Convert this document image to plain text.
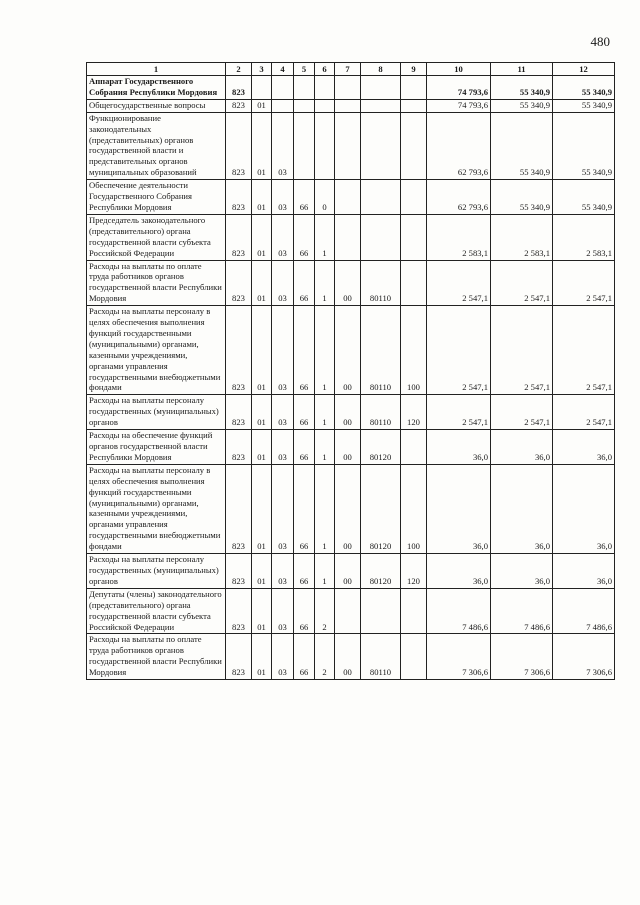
480
1	2	3	4	5	6	7	8	9	10	11	12
Аппарат Государственного Собрания Республики Мордовия	823								74 793,6	55 340,9	55 340,9
Общегосударственные вопросы	823	01							74 793,6	55 340,9	55 340,9
Функционирование законодательных (представительных) органов государственной власти и представительных органов муниципальных образований	823	01	03						62 793,6	55 340,9	55 340,9
Обеспечение деятельности Государственного Собрания Республики Мордовия	823	01	03	66	0				62 793,6	55 340,9	55 340,9
Председатель законодательного (представительного) органа государственной власти субъекта Российской Федерации	823	01	03	66	1				2 583,1	2 583,1	2 583,1
Расходы на выплаты по оплате труда работников органов государственной власти Республики Мордовия	823	01	03	66	1	00	80110		2 547,1	2 547,1	2 547,1
Расходы на выплаты персоналу в целях обеспечения выполнения функций государственными (муниципальными) органами, казенными учреждениями, органами управления государственными внебюджетными фондами	823	01	03	66	1	00	80110	100	2 547,1	2 547,1	2 547,1
Расходы на выплаты персоналу государственных (муниципальных) органов	823	01	03	66	1	00	80110	120	2 547,1	2 547,1	2 547,1
Расходы на обеспечение функций органов государственной власти Республики Мордовия	823	01	03	66	1	00	80120		36,0	36,0	36,0
Расходы на выплаты персоналу в целях обеспечения выполнения функций государственными (муниципальными) органами, казенными учреждениями, органами управления государственными внебюджетными фондами	823	01	03	66	1	00	80120	100	36,0	36,0	36,0
Расходы на выплаты персоналу государственных (муниципальных) органов	823	01	03	66	1	00	80120	120	36,0	36,0	36,0
Депутаты (члены) законодательного (представительного) органа государственной власти субъекта Российской Федерации	823	01	03	66	2				7 486,6	7 486,6	7 486,6
Расходы на выплаты по оплате труда работников органов государственной власти Республики Мордовия	823	01	03	66	2	00	80110		7 306,6	7 306,6	7 306,6
